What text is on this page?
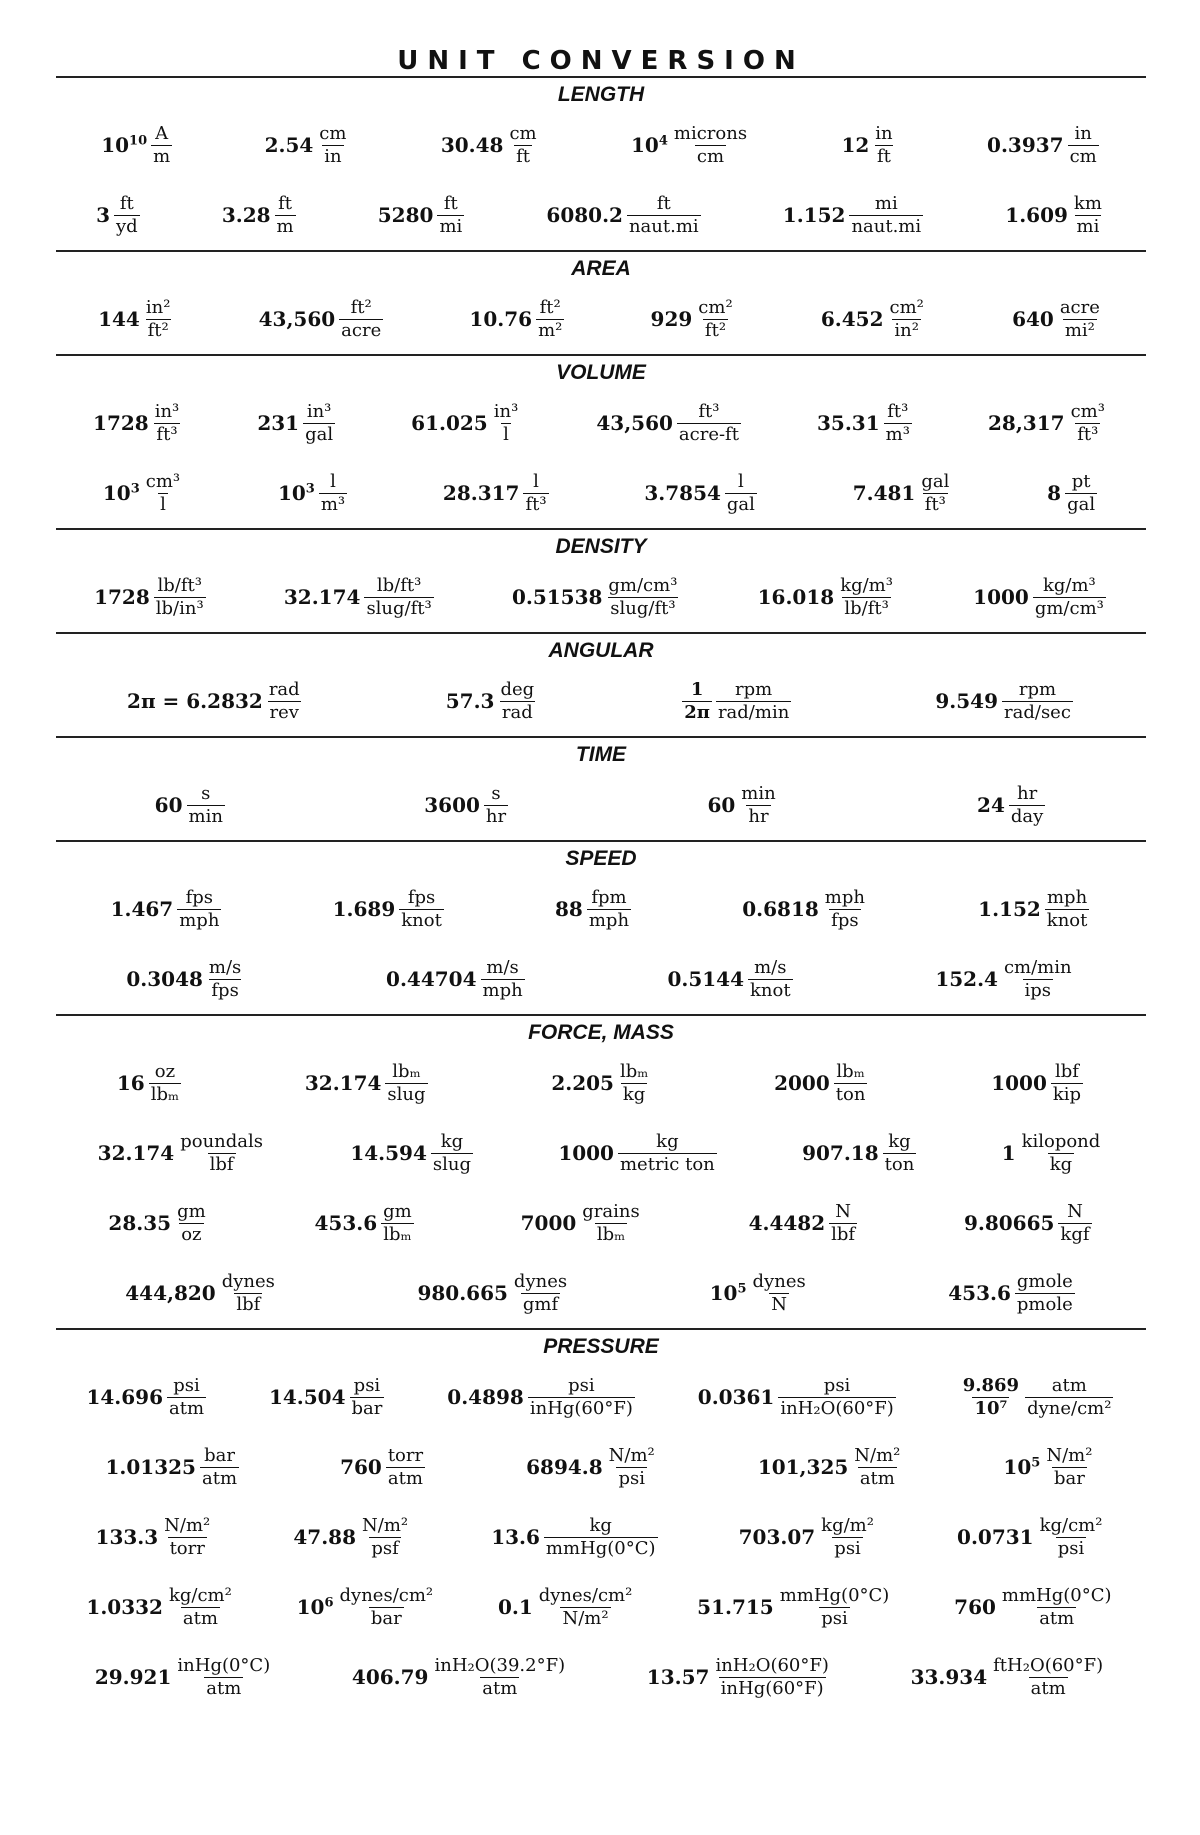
UNIT CONVERSION
LENGTH
$10^{10} \frac{A}{m}$	$2.54 \frac{cm}{in}$	$30.48 \frac{cm}{ft}$	$10^4 \frac{\text{microns}}{cm}$	$12 \frac{in}{ft}$	$0.3937 \frac{in}{cm}$
$3 \frac{ft}{yd}$	$3.28 \frac{ft}{m}$	$5280 \frac{ft}{mi}$	$6080.2 \frac{ft}{\text{naut.mi}}$	$1.152 \frac{mi}{\text{naut.mi}}$	$1.609 \frac{km}{mi}$
AREA
$144 \frac{\text{in²}}{\text{ft²}}$	$43,560 \frac{\text{ft²}}{\text{acre}}$	$10.76 \frac{\text{ft²}}{\text{m²}}$	$929 \frac{\text{cm²}}{\text{ft²}}$	$6.452 \frac{\text{cm²}}{\text{in²}}$	$640 \frac{\text{acre}}{\text{mi²}}$
VOLUME
$1728 \frac{\text{in³}}{\text{ft³}}$	$231 \frac{\text{in³}}{\text{gal}}$	$61.025 \frac{\text{in³}}{l}$	$43,560 \frac{\text{ft³}}{\text{acre-ft}}$	$35.31 \frac{\text{ft³}}{\text{m³}}$	$28,317 \frac{\text{cm³}}{\text{ft³}}$
$10^3 \frac{\text{cm³}}{l}$	$10^3 \frac{l}{\text{m³}}$	$28.317 \frac{l}{\text{ft³}}$	$3.7854 \frac{l}{\text{gal}}$	$7.481 \frac{\text{gal}}{\text{ft³}}$	$8 \frac{pt}{\text{gal}}$
DENSITY
$1728 \frac{\text{lb/ft³}}{\text{lb/in³}}$	$32.174 \frac{\text{lb/ft³}}{\text{slug/ft³}}$	$0.51538 \frac{\text{gm/cm³}}{\text{slug/ft³}}$	$16.018 \frac{\text{kg/m³}}{\text{lb/ft³}}$	$1000 \frac{\text{kg/m³}}{\text{gm/cm³}}$
ANGULAR
$2\pi = 6.2832 \frac{\text{rad}}{\text{rev}}$	$57.3 \frac{\text{deg}}{\text{rad}}$	$\frac{1}{2\pi} \frac{\text{rpm}}{\text{rad/min}}$	$9.549 \frac{\text{rpm}}{\text{rad/sec}}$
TIME
$60 \frac{s}{\min}$	$3600 \frac{s}{hr}$	$60 \frac{\min}{hr}$	$24 \frac{hr}{\text{day}}$
SPEED
$1.467 \frac{\text{fps}}{\text{mph}}$	$1.689 \frac{\text{fps}}{\text{knot}}$	$88 \frac{\text{fpm}}{\text{mph}}$	$0.6818 \frac{\text{mph}}{\text{fps}}$	$1.152 \frac{\text{mph}}{\text{knot}}$
$0.3048 \frac{m/s}{\text{fps}}$	$0.44704 \frac{m/s}{\text{mph}}$	$0.5144 \frac{m/s}{\text{knot}}$	$152.4 \frac{cm/\min}{\text{ips}}$
FORCE, MASS
$16 \frac{oz}{\text{lbₘ}}$	$32.174 \frac{\text{lbₘ}}{\text{slug}}$	$2.205 \frac{\text{lbₘ}}{kg}$	$2000 \frac{\text{lbₘ}}{\text{ton}}$	$1000 \frac{\text{lbf}}{\text{kip}}$
$32.174 \frac{\text{poundals}}{\text{lbf}}$	$14.594 \frac{kg}{\text{slug}}$	$1000 \frac{kg}{\text{metric ton}}$	$907.18 \frac{kg}{\text{ton}}$	$1 \frac{\text{kilopond}}{kg}$
$28.35 \frac{gm}{oz}$	$453.6 \frac{gm}{\text{lbₘ}}$	$7000 \frac{\text{grains}}{\text{lbₘ}}$	$4.4482 \frac{N}{\text{lbf}}$	$9.80665 \frac{N}{\text{kgf}}$
$444,820 \frac{\text{dynes}}{\text{lbf}}$	$980.665 \frac{\text{dynes}}{\text{gmf}}$	$10^5 \frac{\text{dynes}}{N}$	$453.6 \frac{\text{gmole}}{\text{pmole}}$
PRESSURE
$14.696 \frac{\text{psi}}{\text{atm}}$	$14.504 \frac{\text{psi}}{\text{bar}}$	$0.4898 \frac{\text{psi}}{\text{inHg(60°F)}}$	$0.0361 \frac{\text{psi}}{\text{inH₂O(60°F)}}$	$\frac{9.869}{\text{10⁷}} \frac{\text{atm}}{\text{dyne/cm²}}$
$1.01325 \frac{\text{bar}}{\text{atm}}$	$760 \frac{\text{torr}}{\text{atm}}$	$6894.8 \frac{\text{N/m²}}{\text{psi}}$	$101,325 \frac{\text{N/m²}}{\text{atm}}$	$10^5 \frac{\text{N/m²}}{\text{bar}}$
$133.3 \frac{\text{N/m²}}{\text{torr}}$	$47.88 \frac{\text{N/m²}}{\text{psf}}$	$13.6 \frac{kg}{\text{mmHg(0°C)}}$	$703.07 \frac{\text{kg/m²}}{\text{psi}}$	$0.0731 \frac{\text{kg/cm²}}{\text{psi}}$
$1.0332 \frac{\text{kg/cm²}}{\text{atm}}$	$10^6 \frac{\text{dynes/cm²}}{\text{bar}}$	$0.1 \frac{\text{dynes/cm²}}{\text{N/m²}}$	$51.715 \frac{\text{mmHg(0°C)}}{\text{psi}}$	$760 \frac{\text{mmHg(0°C)}}{\text{atm}}$
$29.921 \frac{\text{inHg(0°C)}}{\text{atm}}$	$406.79 \frac{\text{inH₂O(39.2°F)}}{\text{atm}}$	$13.57 \frac{\text{inH₂O(60°F)}}{\text{inHg(60°F)}}$	$33.934 \frac{\text{ftH₂O(60°F)}}{\text{atm}}$
